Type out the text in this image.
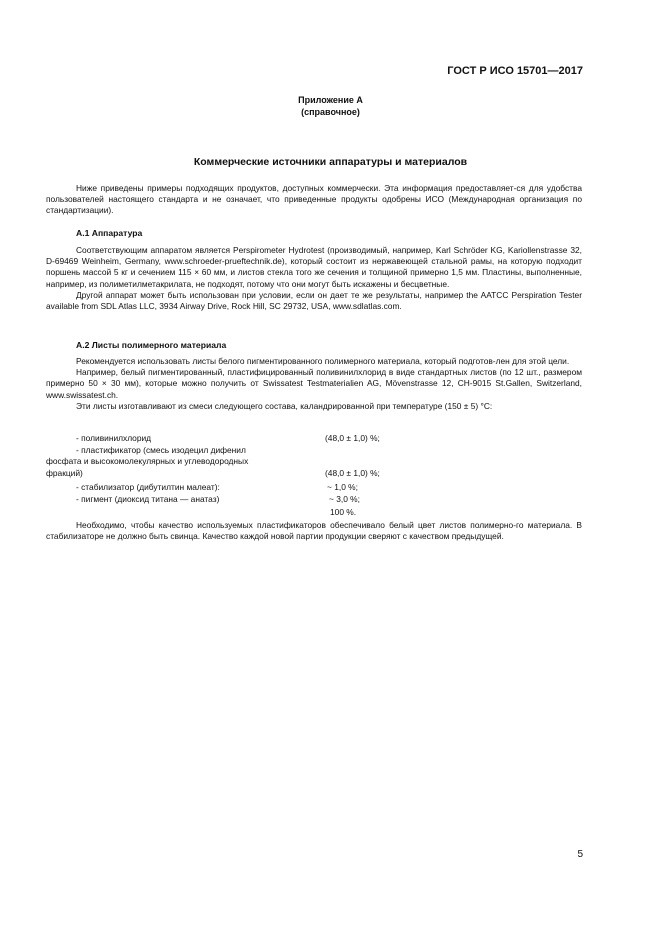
ГОСТ Р ИСО 15701—2017
Приложение А
(справочное)
Коммерческие источники аппаратуры и материалов

Ниже приведены примеры подходящих продуктов, доступных коммерчески. Эта информация предоставляет-ся для удобства пользователей настоящего стандарта и не означает, что приведенные продукты одобрены ИСО (Международная организация по стандартизации).

А.1 Аппаратура

Соответствующим аппаратом является Perspirometer Hydrotest (производимый, например, Karl Schröder KG, Kariollenstrasse 32, D-69469 Weinheim, Germany, www.schroeder-prueftechnik.de), который состоит из нержавеющей стальной рамы, на которую подходит поршень массой 5 кг и сечением 115 × 60 мм, и листов стекла того же сечения и толщиной примерно 1,5 мм. Пластины, выполненные, например, из полиметилметакрилата, не подходят, потому что они могут быть искажены и бесцветные.

Другой аппарат может быть использован при условии, если он дает те же результаты, например the AATCC Perspiration Tester available from SDL Atlas LLC, 3934 Airway Drive, Rock Hill, SC 29732, USA, www.sdlatlas.com.

А.2 Листы полимерного материала

Рекомендуется использовать листы белого пигментированного полимерного материала, который подготов-лен для этой цели.

Например, белый пигментированный, пластифицированный поливинилхлорид в виде стандартных листов (по 12 шт., размером примерно 50 × 30 мм), которые можно получить от Swissatest Testmaterialien AG, Mövenstrasse 12, CH-9015 St.Gallen, Switzerland, www.swissatest.ch.

Эти листы изготавливают из смеси следующего состава, каландрированной при температуре (150 ± 5) °С:

- поливинилхлорид	(48,0 ± 1,0) %;
- пластификатор (смесь изодецил дифенил
фосфата и высокомолекулярных и углеводородных
фракций)	(48,0 ± 1,0) %;
- стабилизатор (дибутилтин малеат):	~ 1,0 %;
- пигмент (диоксид титана — анатаз)	~ 3,0 %;
100 %.

Необходимо, чтобы качество используемых пластификаторов обеспечивало белый цвет листов полимерно-го материала. В стабилизаторе не должно быть свинца. Качество каждой новой партии продукции сверяют с качеством предыдущей.

5
